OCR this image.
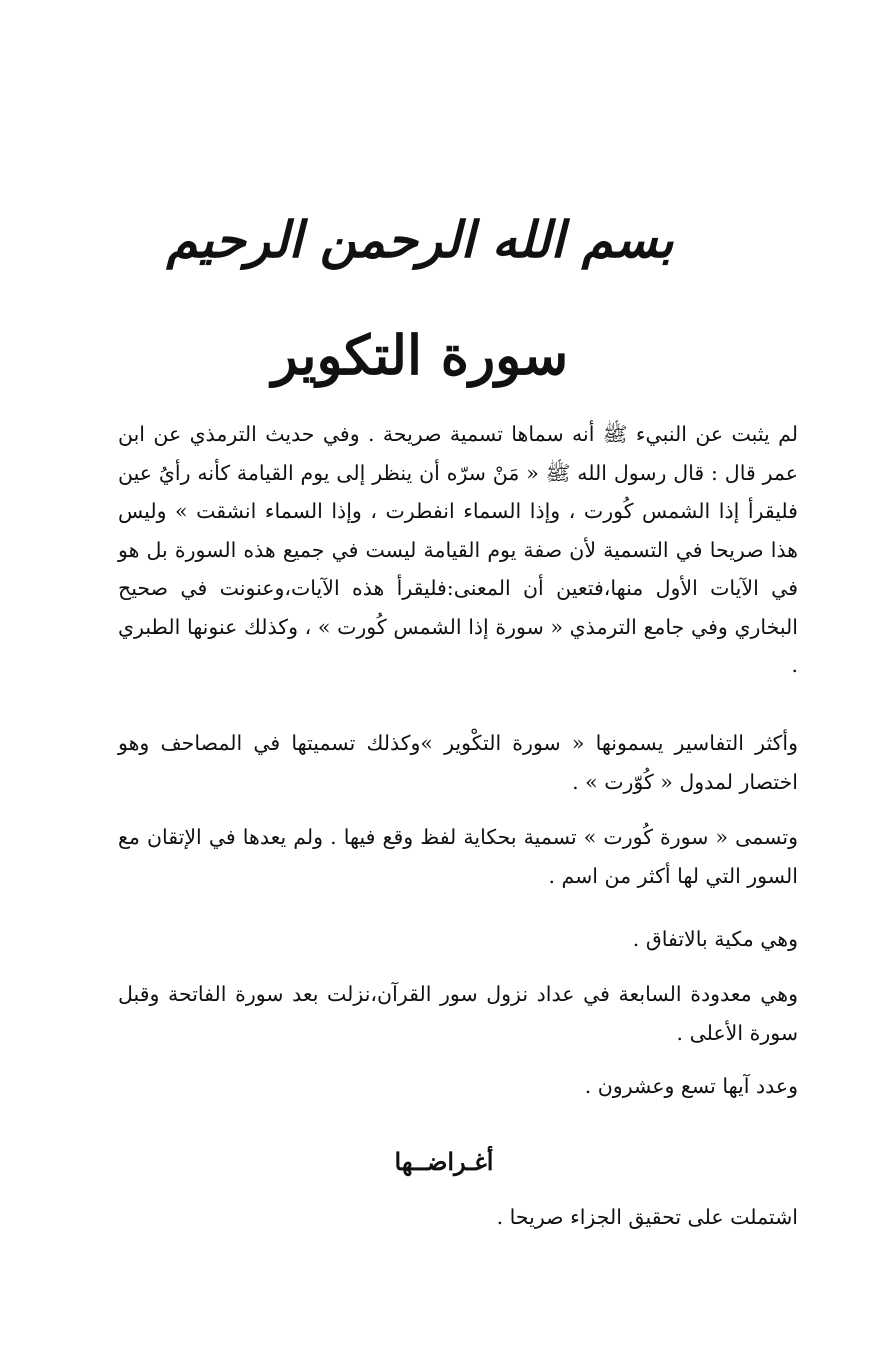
بسم الله الرحمن الرحيم
سورة التكوير
لم يثبت عن النبيء ﷺ أنه سماها تسمية صريحة . وفي حديث الترمذي عن ابن عمر قال : قال رسول الله ﷺ « مَنْ سرّه أن ينظر إلى يوم القيامة كأنه رأيُ عين فليقرأ إذا الشمس كُورت ، وإذا السماء انفطرت ، وإذا السماء انشقت » وليس هذا صريحا في التسمية لأن صفة يوم القيامة ليست في جميع هذه السورة بل هو في الآيات الأول منها،فتعين أن المعنى:فليقرأ هذه الآيات،وعنونت في صحيح البخاري وفي جامع الترمذي « سورة إذا الشمس كُورت » ، وكذلك عنونها الطبري .
وأكثر التفاسير يسمونها « سورة التكْوير »وكذلك تسميتها في المصاحف وهو اختصار لمدول « كُوّرت » .
وتسمى « سورة كُورت » تسمية بحكاية لفظ وقع فيها . ولم يعدها في الإتقان مع السور التي لها أكثر من اسم .
وهي مكية بالاتفاق .
وهي معدودة السابعة في عداد نزول سور القرآن،نزلت بعد سورة الفاتحة وقبل سورة الأعلى .
وعدد آيها تسع وعشرون .
أغـراضــها
اشتملت على تحقيق الجزاء صريحا .
